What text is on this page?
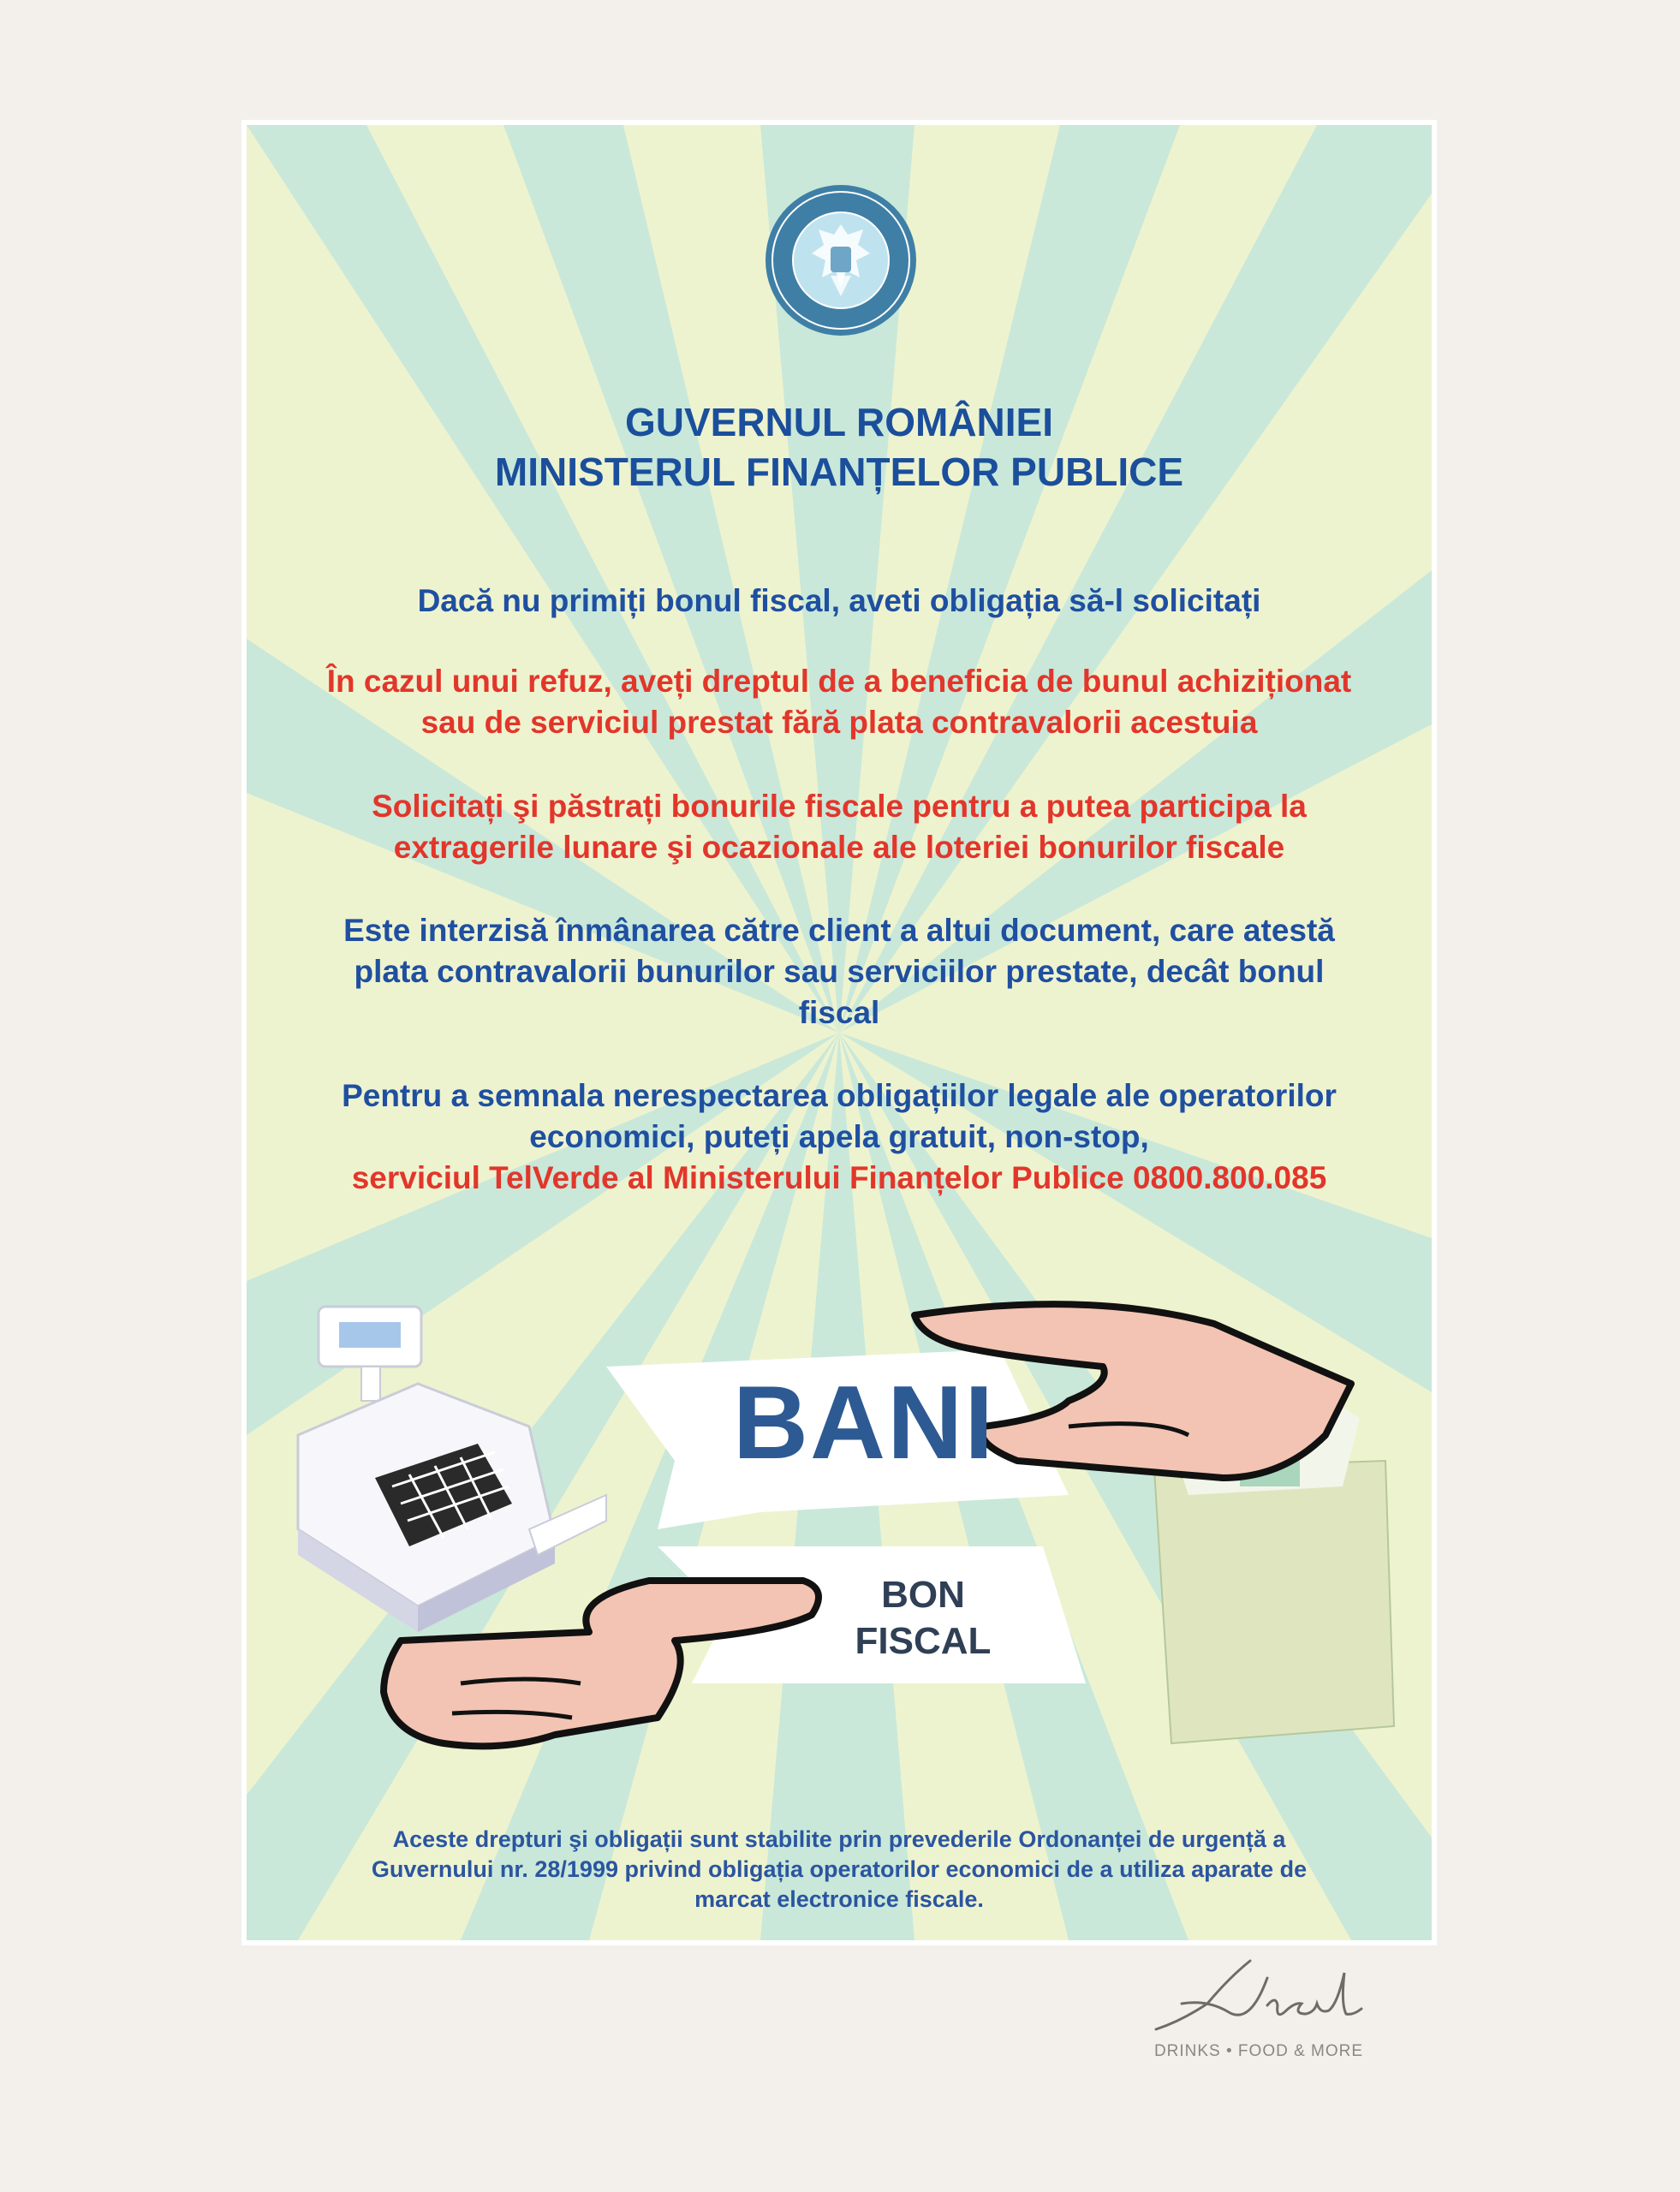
GUVERNUL ROMÂNIEI
MINISTERUL FINANȚELOR PUBLICE
Dacă nu primiți bonul fiscal, aveti obligația să-l solicitați
În cazul unui refuz, aveți dreptul de a beneficia de bunul achiziționat
sau de serviciul prestat fără plata contravalorii acestuia
Solicitați şi păstrați bonurile fiscale pentru a putea participa la
extragerile lunare şi ocazionale ale loteriei bonurilor fiscale
Este interzisă înmânarea către client a altui document, care atestă
plata contravalorii bunurilor sau serviciilor prestate, decât bonul
fiscal
Pentru a semnala nerespectarea obligațiilor legale ale operatorilor
economici, puteți apela gratuit, non-stop,
serviciul TelVerde al Ministerului Finanțelor Publice 0800.800.085
BANI
BON
FISCAL
Aceste drepturi şi obligații sunt stabilite prin prevederile Ordonanței de urgență a
Guvernului nr. 28/1999 privind obligația operatorilor economici de a utiliza aparate de
marcat electronice fiscale.
DRINKS • FOOD & MORE
